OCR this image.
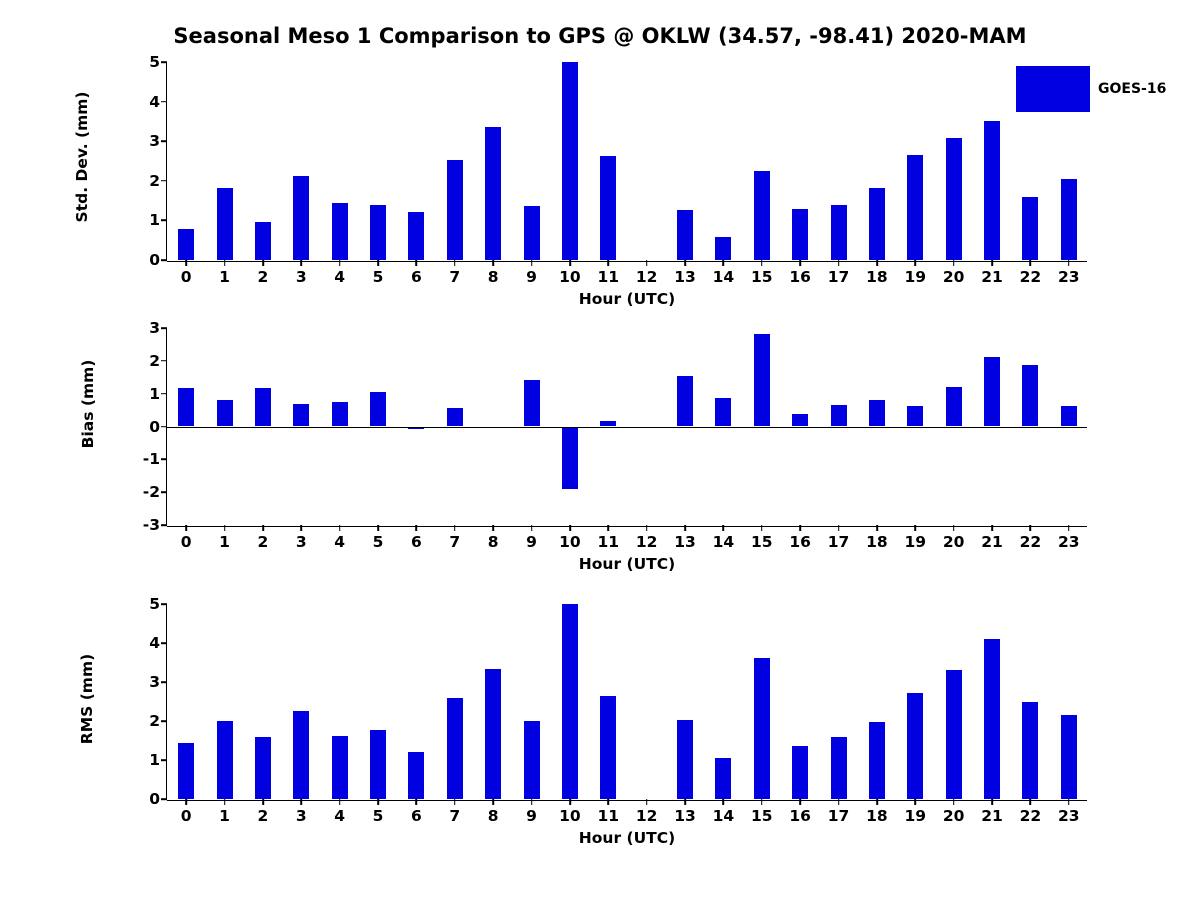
Seasonal Meso 1 Comparison to GPS @ OKLW (34.57, -98.41) 2020-MAM
Std. Dev. (mm)
Hour (UTC)
0
1
2
3
4
5
0 1 2 3 4 5 6 7 8 9 10 11 12 13 14 15 16 17 18 19 20 21 22 23
GOES-16
Bias (mm)
Hour (UTC)
-3
-2
-1
0
1
2
3
0 1 2 3 4 5 6 7 8 9 10 11 12 13 14 15 16 17 18 19 20 21 22 23
RMS (mm)
Hour (UTC)
0
1
2
3
4
5
0 1 2 3 4 5 6 7 8 9 10 11 12 13 14 15 16 17 18 19 20 21 22 23
